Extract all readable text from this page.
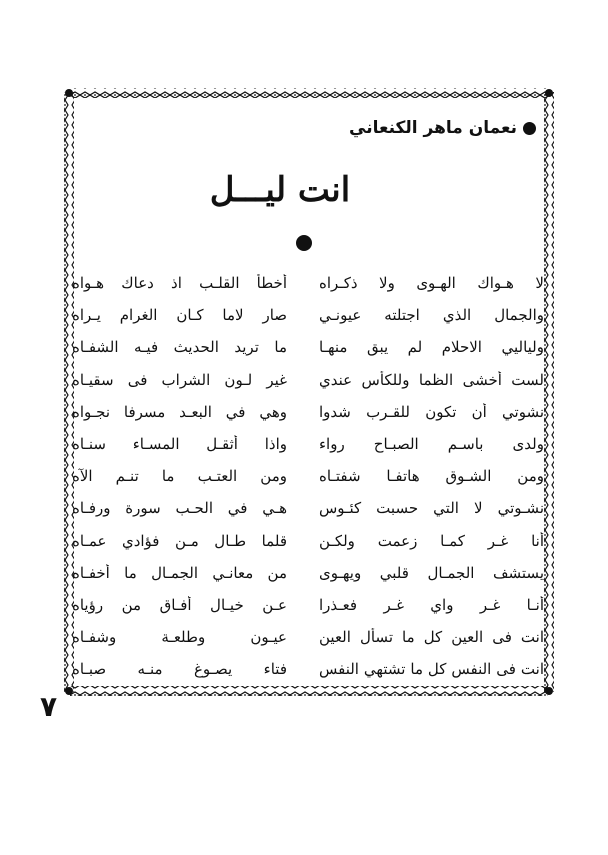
نعمان ماهر الكنعاني
انت ليـــل
لا هـواك الهـوى ولا ذكـراه
أخطأ القلـب اذ دعاك هـواه
والجمال الذي اجتلته عيونـي
صار لاما كـان الغرام يـراه
ولياليي الاحلام لم يبق منهـا
ما تريد الحديث فيـه الشفـاه
لست أخشى الظما وللكأس عندي
غير لـون الشراب فى سقيـاه
نشوتي أن تكون للقـرب شدوا
وهي في البعـد مسرفا نجـواه
ولدى باسـم الصبـاح رواء
واذا أثقـل المسـاء سنـاه
ومن الشـوق هاتفـا شفتـاه
ومن العتـب ما تنـم الآه
نشـوتي لا التي حسبت كئـوس
هـي في الحـب سورة ورفـاه
أنا غـر كمـا زعمت ولكـن
قلما طـال مـن فؤادي عمـاه
يستشف الجمـال قلبي ويهـوى
من معانـي الجمـال ما أخفـاه
أنـا غـر واي غـر فعـذرا
عـن خيـال أفـاق من رؤياه
انت فى العين كل ما تسأل العين
عيـون وطلعـة وشفـاه
انت فى النفس كل ما تشتهي النفس
فتاء يصـوغ منـه صبـاه
٧
